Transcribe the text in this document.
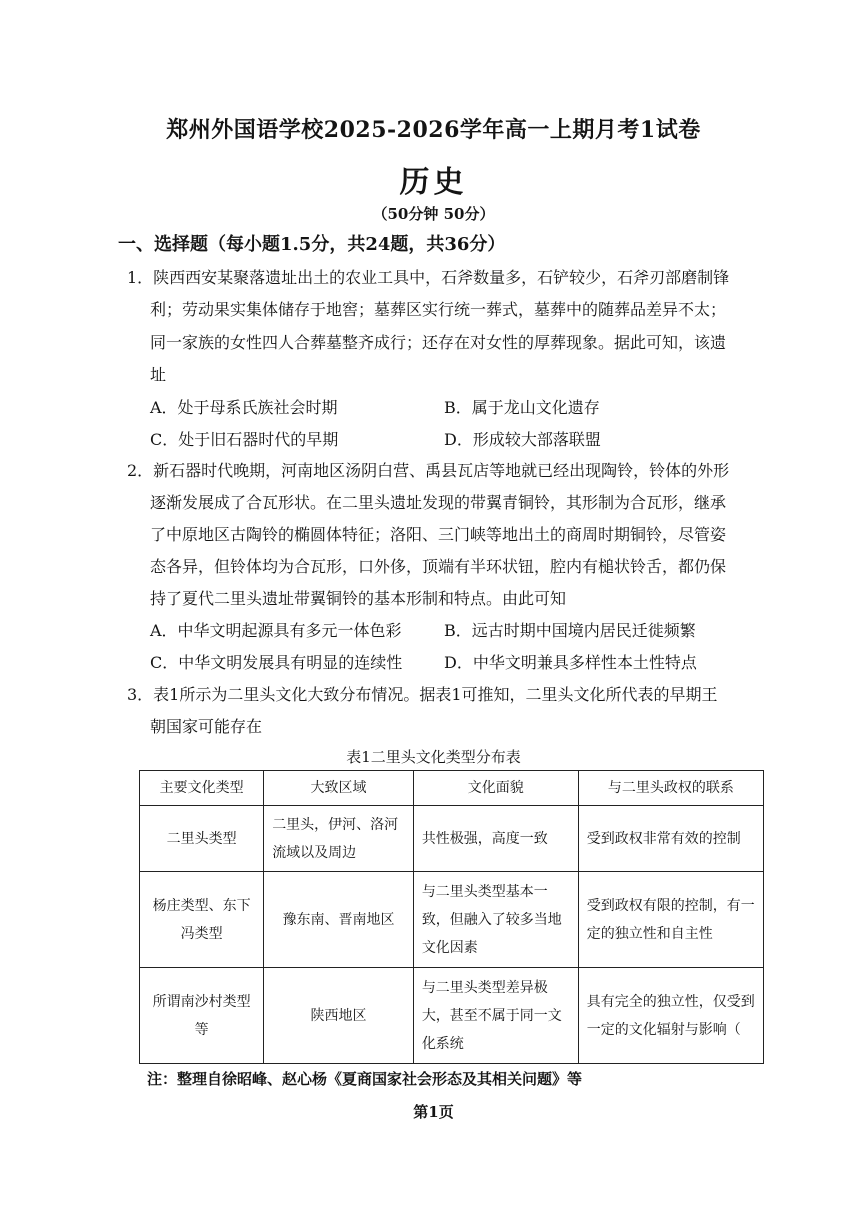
郑州外国语学校2025-2026学年高一上期月考1试卷
历史
（50分钟 50分）
一、选择题（每小题1.5分，共24题，共36分）
1．陕西西安某聚落遗址出土的农业工具中，石斧数量多，石铲较少，石斧刃部磨制锋
利；劳动果实集体储存于地窖；墓葬区实行统一葬式，墓葬中的随葬品差异不太；
同一家族的女性四人合葬墓整齐成行；还存在对女性的厚葬现象。据此可知，该遗
址
A．处于母系氏族社会时期	B．属于龙山文化遗存
C．处于旧石器时代的早期	D．形成较大部落联盟
2．新石器时代晚期，河南地区汤阴白营、禹县瓦店等地就已经出现陶铃，铃体的外形
逐渐发展成了合瓦形状。在二里头遗址发现的带翼青铜铃，其形制为合瓦形，继承
了中原地区古陶铃的椭圆体特征；洛阳、三门峡等地出土的商周时期铜铃，尽管姿
态各异，但铃体均为合瓦形，口外侈，顶端有半环状钮，腔内有槌状铃舌，都仍保
持了夏代二里头遗址带翼铜铃的基本形制和特点。由此可知
A．中华文明起源具有多元一体色彩	B．远古时期中国境内居民迁徙频繁
C．中华文明发展具有明显的连续性	D．中华文明兼具多样性本土性特点
3．表1所示为二里头文化大致分布情况。据表1可推知，二里头文化所代表的早期王
朝国家可能存在
表1二里头文化类型分布表
主要文化类型	大致区域	文化面貌	与二里头政权的联系
二里头类型	二里头，伊河、洛河流域以及周边	共性极强，高度一致	受到政权非常有效的控制
杨庄类型、东下冯类型	豫东南、晋南地区	与二里头类型基本一致，但融入了较多当地文化因素	受到政权有限的控制，有一定的独立性和自主性
所谓南沙村类型等	陕西地区	与二里头类型差异极大，甚至不属于同一文化系统	具有完全的独立性，仅受到一定的文化辐射与影响（
注：整理自徐昭峰、赵心杨《夏商国家社会形态及其相关问题》等
第1页
